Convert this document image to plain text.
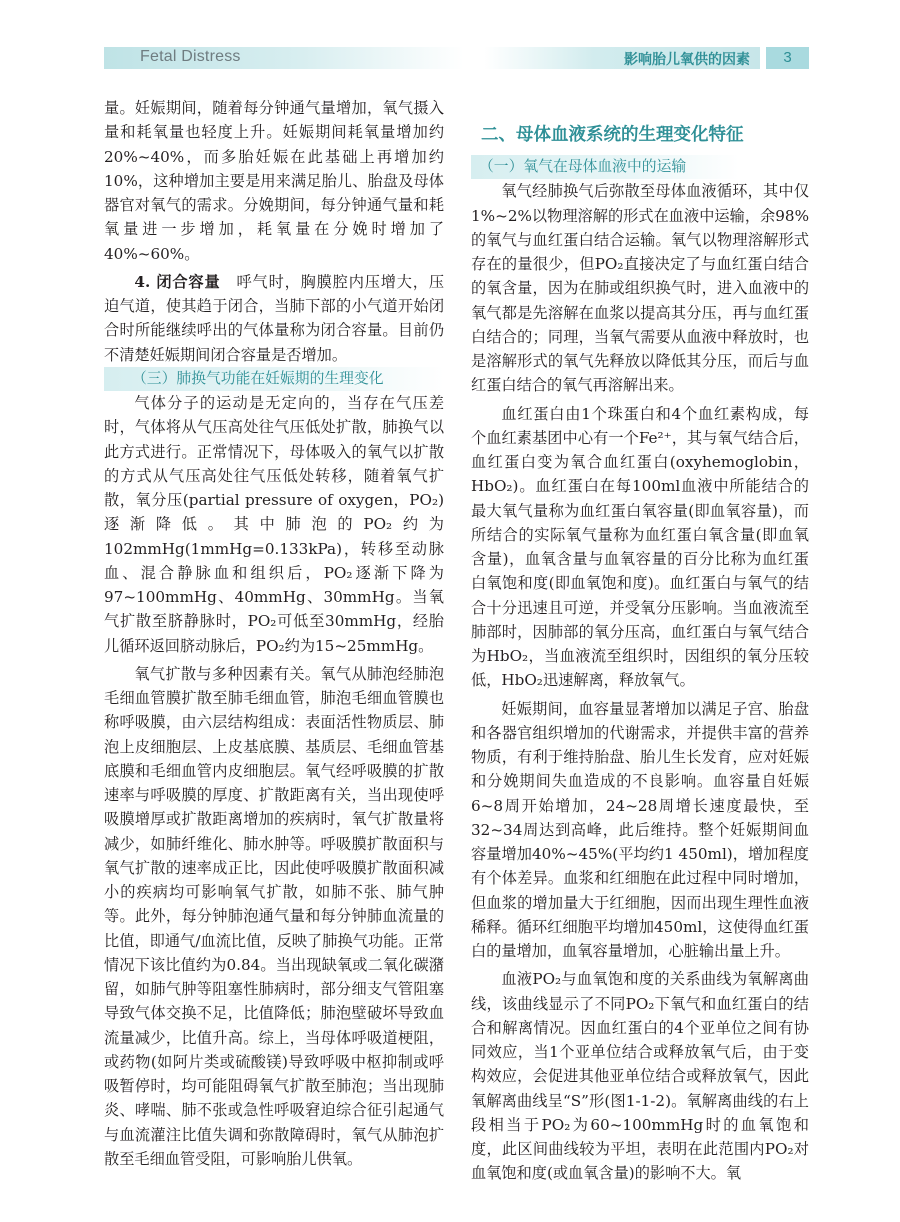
Fetal Distress	影响胎儿氧供的因素	3

量。妊娠期间，随着每分钟通气量增加，氧气摄入量和耗氧量也轻度上升。妊娠期间耗氧量增加约20%~40%，而多胎妊娠在此基础上再增加约10%，这种增加主要是用来满足胎儿、胎盘及母体器官对氧气的需求。分娩期间，每分钟通气量和耗氧量进一步增加，耗氧量在分娩时增加了40%~60%。

4. 闭合容量　 呼气时，胸膜腔内压增大，压迫气道，使其趋于闭合，当肺下部的小气道开始闭合时所能继续呼出的气体量称为闭合容量。目前仍不清楚妊娠期间闭合容量是否增加。

（三）肺换气功能在妊娠期的生理变化

气体分子的运动是无定向的，当存在气压差时，气体将从气压高处往气压低处扩散，肺换气以此方式进行。正常情况下，母体吸入的氧气以扩散的方式从气压高处往气压低处转移，随着氧气扩散，氧分压(partial pressure of oxygen，PO₂)逐渐降低。其中肺泡的PO₂约为102mmHg(1mmHg=0.133kPa)，转移至动脉血、混合静脉血和组织后，PO₂逐渐下降为97~100mmHg、40mmHg、30mmHg。当氧气扩散至脐静脉时，PO₂可低至30mmHg，经胎儿循环返回脐动脉后，PO₂约为15~25mmHg。

氧气扩散与多种因素有关。氧气从肺泡经肺泡毛细血管膜扩散至肺毛细血管，肺泡毛细血管膜也称呼吸膜，由六层结构组成：表面活性物质层、肺泡上皮细胞层、上皮基底膜、基质层、毛细血管基底膜和毛细血管内皮细胞层。氧气经呼吸膜的扩散速率与呼吸膜的厚度、扩散距离有关，当出现使呼吸膜增厚或扩散距离增加的疾病时，氧气扩散量将减少，如肺纤维化、肺水肿等。呼吸膜扩散面积与氧气扩散的速率成正比，因此使呼吸膜扩散面积减小的疾病均可影响氧气扩散，如肺不张、肺气肿等。此外，每分钟肺泡通气量和每分钟肺血流量的比值，即通气/血流比值，反映了肺换气功能。正常情况下该比值约为0.84。当出现缺氧或二氧化碳潴留，如肺气肿等阻塞性肺病时，部分细支气管阻塞导致气体交换不足，比值降低；肺泡壁破坏导致血流量减少，比值升高。综上，当母体呼吸道梗阻，或药物(如阿片类或硫酸镁)导致呼吸中枢抑制或呼吸暂停时，均可能阻碍氧气扩散至肺泡；当出现肺炎、哮喘、肺不张或急性呼吸窘迫综合征引起通气与血流灌注比值失调和弥散障碍时，氧气从肺泡扩散至毛细血管受阻，可影响胎儿供氧。

二、母体血液系统的生理变化特征
（一）氧气在母体血液中的运输

氧气经肺换气后弥散至母体血液循环，其中仅1%~2%以物理溶解的形式在血液中运输，余98%的氧气与血红蛋白结合运输。氧气以物理溶解形式存在的量很少，但PO₂直接决定了与血红蛋白结合的氧含量，因为在肺或组织换气时，进入血液中的氧气都是先溶解在血浆以提高其分压，再与血红蛋白结合的；同理，当氧气需要从血液中释放时，也是溶解形式的氧气先释放以降低其分压，而后与血红蛋白结合的氧气再溶解出来。

血红蛋白由1个珠蛋白和4个血红素构成，每个血红素基团中心有一个Fe²⁺，其与氧气结合后，血红蛋白变为氧合血红蛋白(oxyhemoglobin，HbO₂)。血红蛋白在每100ml血液中所能结合的最大氧气量称为血红蛋白氧容量(即血氧容量)，而所结合的实际氧气量称为血红蛋白氧含量(即血氧含量)，血氧含量与血氧容量的百分比称为血红蛋白氧饱和度(即血氧饱和度)。血红蛋白与氧气的结合十分迅速且可逆，并受氧分压影响。当血液流至肺部时，因肺部的氧分压高，血红蛋白与氧气结合为HbO₂，当血液流至组织时，因组织的氧分压较低，HbO₂迅速解离，释放氧气。

妊娠期间，血容量显著增加以满足子宫、胎盘和各器官组织增加的代谢需求，并提供丰富的营养物质，有利于维持胎盘、胎儿生长发育，应对妊娠和分娩期间失血造成的不良影响。血容量自妊娠6~8周开始增加，24~28周增长速度最快，至32~34周达到高峰，此后维持。整个妊娠期间血容量增加40%~45%(平均约1 450ml)，增加程度有个体差异。血浆和红细胞在此过程中同时增加，但血浆的增加量大于红细胞，因而出现生理性血液稀释。循环红细胞平均增加450ml，这使得血红蛋白的量增加，血氧容量增加，心脏输出量上升。

血液PO₂与血氧饱和度的关系曲线为氧解离曲线，该曲线显示了不同PO₂下氧气和血红蛋白的结合和解离情况。因血红蛋白的4个亚单位之间有协同效应，当1个亚单位结合或释放氧气后，由于变构效应，会促进其他亚单位结合或释放氧气，因此氧解离曲线呈“S”形(图1-1-2)。氧解离曲线的右上段相当于PO₂为60~100mmHg时的血氧饱和度，此区间曲线较为平坦，表明在此范围内PO₂对血氧饱和度(或血氧含量)的影响不大。氧
